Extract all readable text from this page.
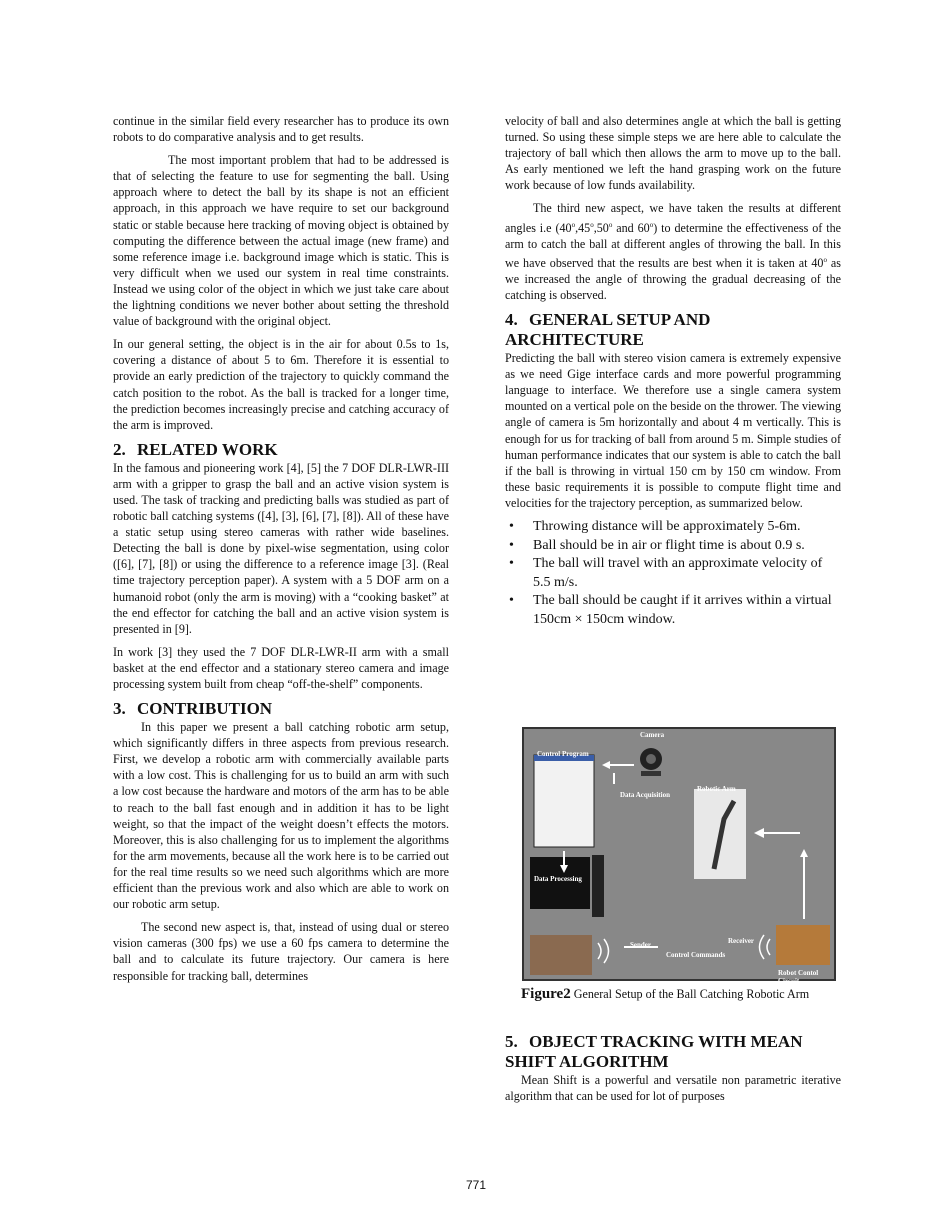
continue in the similar field every researcher has to produce its own robots to do comparative analysis and to get results.

The most important problem that had to be addressed is that of selecting the feature to use for segmenting the ball. Using approach where to detect the ball by its shape is not an efficient approach, in this approach we have require to set our background static or stable because here tracking of moving object is obtained by computing the difference between the actual image (new frame) and some reference image i.e. background image which is static. This is very difficult when we used our system in real time constraints. Instead we using color of the object in which we just take care about the lightning conditions we never bother about setting the threshold value of background with the original object.

In our general setting, the object is in the air for about 0.5s to 1s, covering a distance of about 5 to 6m. Therefore it is essential to provide an early prediction of the trajectory to quickly command the catch position to the robot. As the ball is tracked for a longer time, the prediction becomes increasingly precise and catching accuracy of the arm is improved.

2. RELATED WORK

In the famous and pioneering work [4], [5] the 7 DOF DLR-LWR-III arm with a gripper to grasp the ball and an active vision system is used. The task of tracking and predicting balls was studied as part of robotic ball catching systems ([4], [3], [6], [7], [8]). All of these have a static setup using stereo cameras with rather wide baselines. Detecting the ball is done by pixel-wise segmentation, using color ([6], [7], [8]) or using the difference to a reference image [3]. (Real time trajectory perception paper). A system with a 5 DOF arm on a humanoid robot (only the arm is moving) with a “cooking basket” at the end effector for catching the ball and an active vision system is presented in [9].

In work [3] they used the 7 DOF DLR-LWR-II arm with a small basket at the end effector and a stationary stereo camera and image processing system built from cheap “off-the-shelf” components.

3. CONTRIBUTION

In this paper we present a ball catching robotic arm setup, which significantly differs in three aspects from previous research. First, we develop a robotic arm with commercially available parts with a low cost. This is challenging for us to build an arm with such a low cost because the hardware and motors of the arm has to be able to reach to the ball fast enough and in addition it has to be light weight, so that the impact of the weight doesn’t effects the motors. Moreover, this is also challenging for us to implement the algorithms for the arm movements, because all the work here is to be carried out for the real time results so we need such algorithms which are more efficient than the previous work and also which are able to work on our robotic arm setup.

The second new aspect is, that, instead of using dual or stereo vision cameras (300 fps) we use a 60 fps camera to determine the ball and to calculate its future trajectory. Our camera is here responsible for tracking ball, determines

velocity of ball and also determines angle at which the ball is getting turned. So using these simple steps we are here able to calculate the trajectory of ball which then allows the arm to move up to the ball. As early mentioned we left the hand grasping work on the future work because of low funds availability.

The third new aspect, we have taken the results at different angles i.e (40$^o$,45$^o$,50$^o$ and 60$^o$) to determine the effectiveness of the arm to catch the ball at different angles of throwing the ball. In this we have observed that the results are best when it is taken at 40$^o$ as we increased the angle of throwing the gradual decreasing of the catching is observed.

4. GENERAL SETUP AND
ARCHITECTURE

Predicting the ball with stereo vision camera is extremely expensive as we need Gige interface cards and more powerful programming language to interface. We therefore use a single camera system mounted on a vertical pole on the beside on the thrower. The viewing angle of camera is 5m horizontally and about 4 m vertically. This is enough for us for tracking of ball from around 5 m. Simple studies of human performance indicates that our system is able to catch the ball if the ball is throwing in virtual 150 cm by 150 cm window. From these basic requirements it is possible to compute flight time and velocities for the trajectory perception, as summarized below.

• Throwing distance will be approximately 5-6m.
• Ball should be in air or flight time is about 0.9 s.
• The ball will travel with an approximate velocity of 5.5 m/s.
• The ball should be caught if it arrives within a virtual 150cm × 150cm window.
Camera
Control Program
Data Acquisition
Robotic Arm
Data Processing
Sender
Control Commands
Receiver
Robot Contol Circuit
Figure2 General Setup of the Ball Catching Robotic Arm
5. OBJECT TRACKING WITH MEAN
SHIFT ALGORITHM

Mean Shift is a powerful and versatile non parametric iterative algorithm that can be used for lot of purposes

771
